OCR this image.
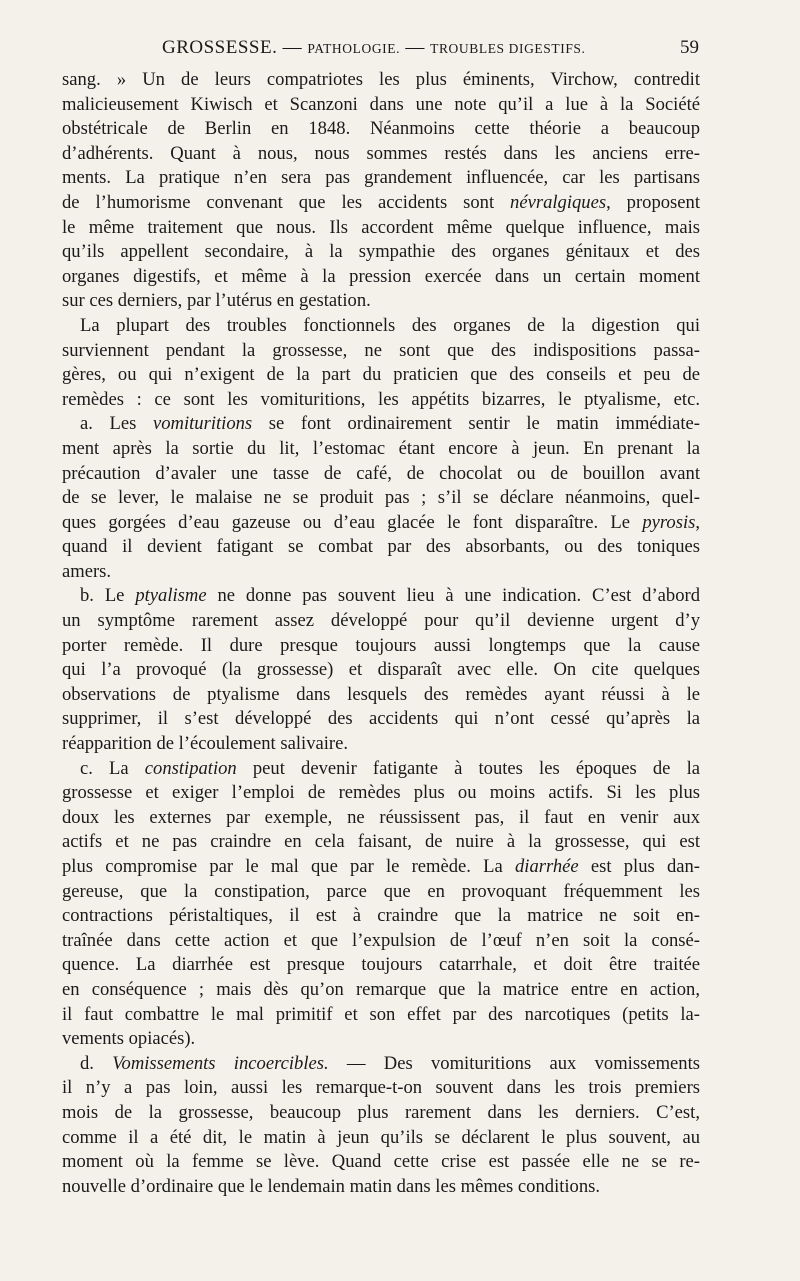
GROSSESSE. — PATHOLOGIE. — TROUBLES DIGESTIFS.	59
sang. » Un de leurs compatriotes les plus éminents, Virchow, contredit
malicieusement Kiwisch et Scanzoni dans une note qu’il a lue à la Société
obstétricale de Berlin en 1848. Néanmoins cette théorie a beaucoup
d’adhérents. Quant à nous, nous sommes restés dans les anciens erre-
ments. La pratique n’en sera pas grandement influencée, car les partisans
de l’humorisme convenant que les accidents sont névralgiques, proposent
le même traitement que nous. Ils accordent même quelque influence, mais
qu’ils appellent secondaire, à la sympathie des organes génitaux et des
organes digestifs, et même à la pression exercée dans un certain moment
sur ces derniers, par l’utérus en gestation.
La plupart des troubles fonctionnels des organes de la digestion qui
surviennent pendant la grossesse, ne sont que des indispositions passa-
gères, ou qui n’exigent de la part du praticien que des conseils et peu de
remèdes : ce sont les vomituritions, les appétits bizarres, le ptyalisme, etc.
a. Les vomituritions se font ordinairement sentir le matin immédiate-
ment après la sortie du lit, l’estomac étant encore à jeun. En prenant la
précaution d’avaler une tasse de café, de chocolat ou de bouillon avant
de se lever, le malaise ne se produit pas ; s’il se déclare néanmoins, quel-
ques gorgées d’eau gazeuse ou d’eau glacée le font disparaître. Le pyrosis,
quand il devient fatigant se combat par des absorbants, ou des toniques
amers.
b. Le ptyalisme ne donne pas souvent lieu à une indication. C’est d’abord
un symptôme rarement assez développé pour qu’il devienne urgent d’y
porter remède. Il dure presque toujours aussi longtemps que la cause
qui l’a provoqué (la grossesse) et disparaît avec elle. On cite quelques
observations de ptyalisme dans lesquels des remèdes ayant réussi à le
supprimer, il s’est développé des accidents qui n’ont cessé qu’après la
réapparition de l’écoulement salivaire.
c. La constipation peut devenir fatigante à toutes les époques de la
grossesse et exiger l’emploi de remèdes plus ou moins actifs. Si les plus
doux les externes par exemple, ne réussissent pas, il faut en venir aux
actifs et ne pas craindre en cela faisant, de nuire à la grossesse, qui est
plus compromise par le mal que par le remède. La diarrhée est plus dan-
gereuse, que la constipation, parce que en provoquant fréquemment les
contractions péristaltiques, il est à craindre que la matrice ne soit en-
traînée dans cette action et que l’expulsion de l’œuf n’en soit la consé-
quence. La diarrhée est presque toujours catarrhale, et doit être traitée
en conséquence ; mais dès qu’on remarque que la matrice entre en action,
il faut combattre le mal primitif et son effet par des narcotiques (petits la-
vements opiacés).
d. Vomissements incoercibles. — Des vomituritions aux vomissements
il n’y a pas loin, aussi les remarque-t-on souvent dans les trois premiers
mois de la grossesse, beaucoup plus rarement dans les derniers. C’est,
comme il a été dit, le matin à jeun qu’ils se déclarent le plus souvent, au
moment où la femme se lève. Quand cette crise est passée elle ne se re-
nouvelle d’ordinaire que le lendemain matin dans les mêmes conditions.
